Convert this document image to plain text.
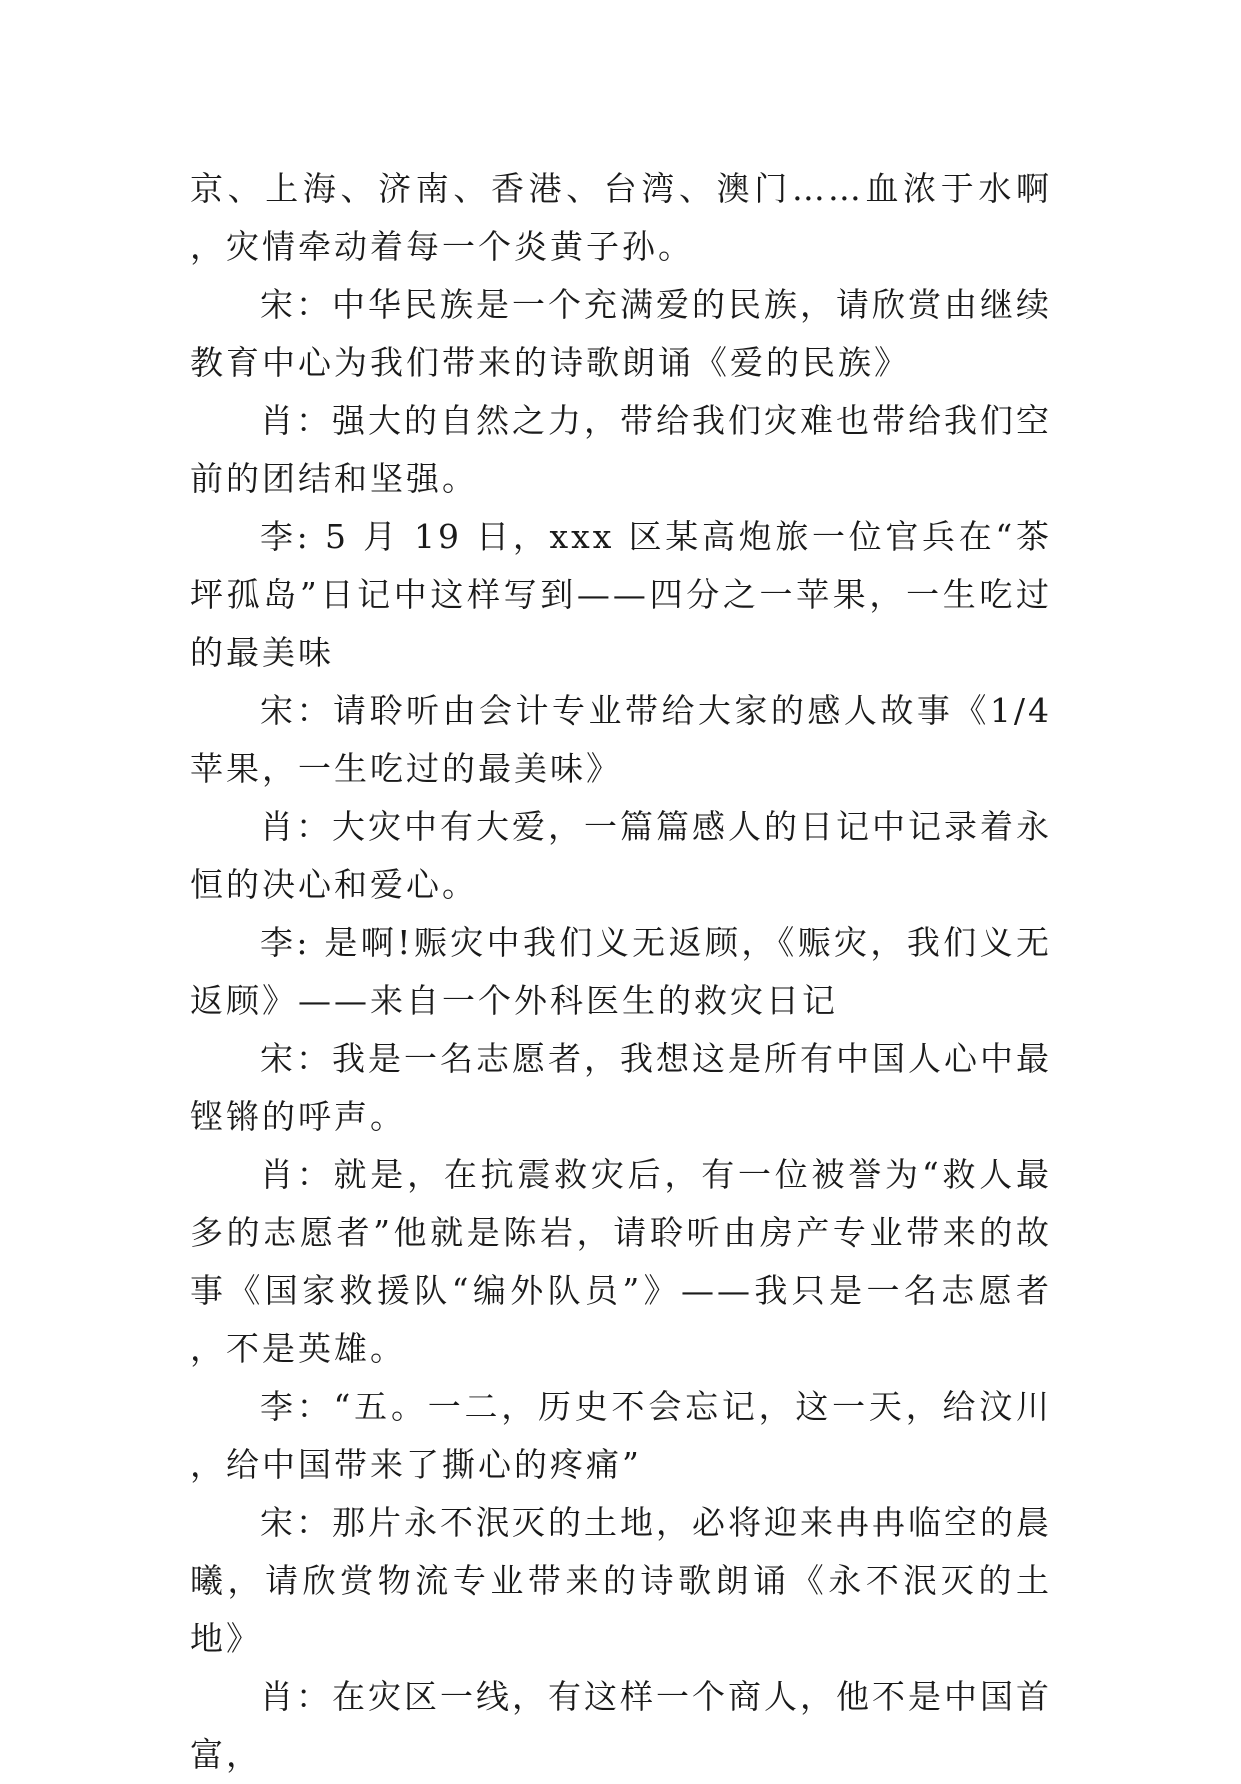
京、上海、济南、香港、台湾、澳门……血浓于水啊，灾情牵动着每一个炎黄子孙。

宋：中华民族是一个充满爱的民族，请欣赏由继续教育中心为我们带来的诗歌朗诵《爱的民族》

肖：强大的自然之力，带给我们灾难也带给我们空前的团结和坚强。

李: 5 月 19 日，xxx 区某高炮旅一位官兵在“茶坪孤岛”日记中这样写到——四分之一苹果，一生吃过的最美味

宋：请聆听由会计专业带给大家的感人故事《1/4 苹果，一生吃过的最美味》

肖：大灾中有大爱，一篇篇感人的日记中记录着永恒的决心和爱心。

李: 是啊!赈灾中我们义无返顾，《赈灾，我们义无返顾》——来自一个外科医生的救灾日记

宋：我是一名志愿者，我想这是所有中国人心中最铿锵的呼声。

肖：就是，在抗震救灾后，有一位被誉为“救人最多的志愿者”他就是陈岩，请聆听由房产专业带来的故事《国家救援队“编外队员”》——我只是一名志愿者，不是英雄。

李：“五。一二，历史不会忘记，这一天，给汶川，给中国带来了撕心的疼痛”

宋：那片永不泯灭的土地，必将迎来冉冉临空的晨曦，请欣赏物流专业带来的诗歌朗诵《永不泯灭的土地》

肖：在灾区一线，有这样一个商人，他不是中国首富，
